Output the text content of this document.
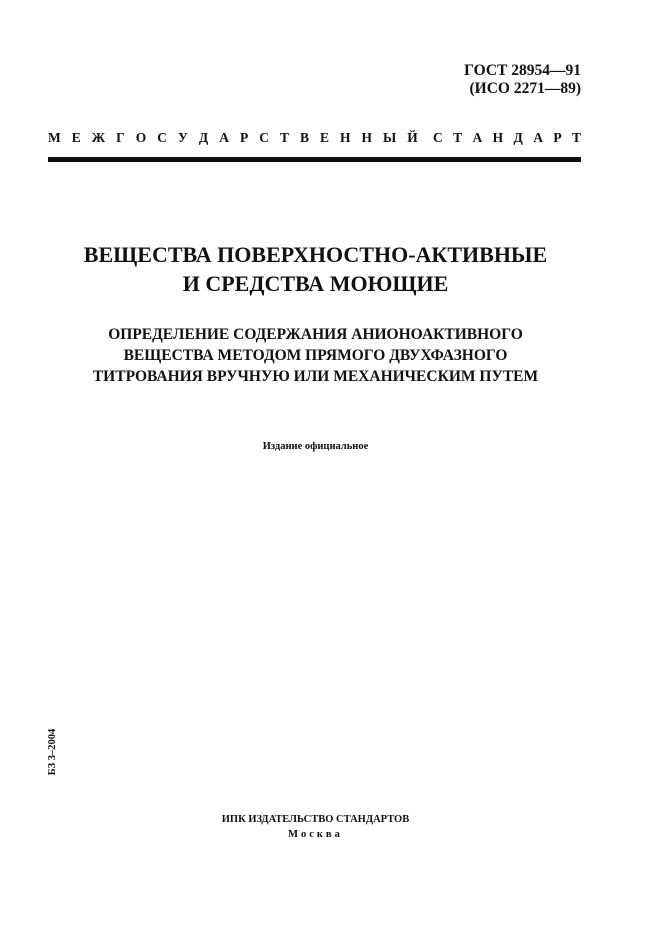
ГОСТ 28954—91
(ИСО 2271—89)
М Е Ж Г О С У Д А Р С Т В Е Н Н Ы Й С Т А Н Д А Р Т
ВЕЩЕСТВА ПОВЕРХНОСТНО-АКТИВНЫЕ
И СРЕДСТВА МОЮЩИЕ
ОПРЕДЕЛЕНИЕ СОДЕРЖАНИЯ АНИОНОАКТИВНОГО
ВЕЩЕСТВА МЕТОДОМ ПРЯМОГО ДВУХФАЗНОГО
ТИТРОВАНИЯ ВРУЧНУЮ ИЛИ МЕХАНИЧЕСКИМ ПУТЕМ
Издание официальное
БЗ 3–2004
ИПК ИЗДАТЕЛЬСТВО СТАНДАРТОВ
Москва
